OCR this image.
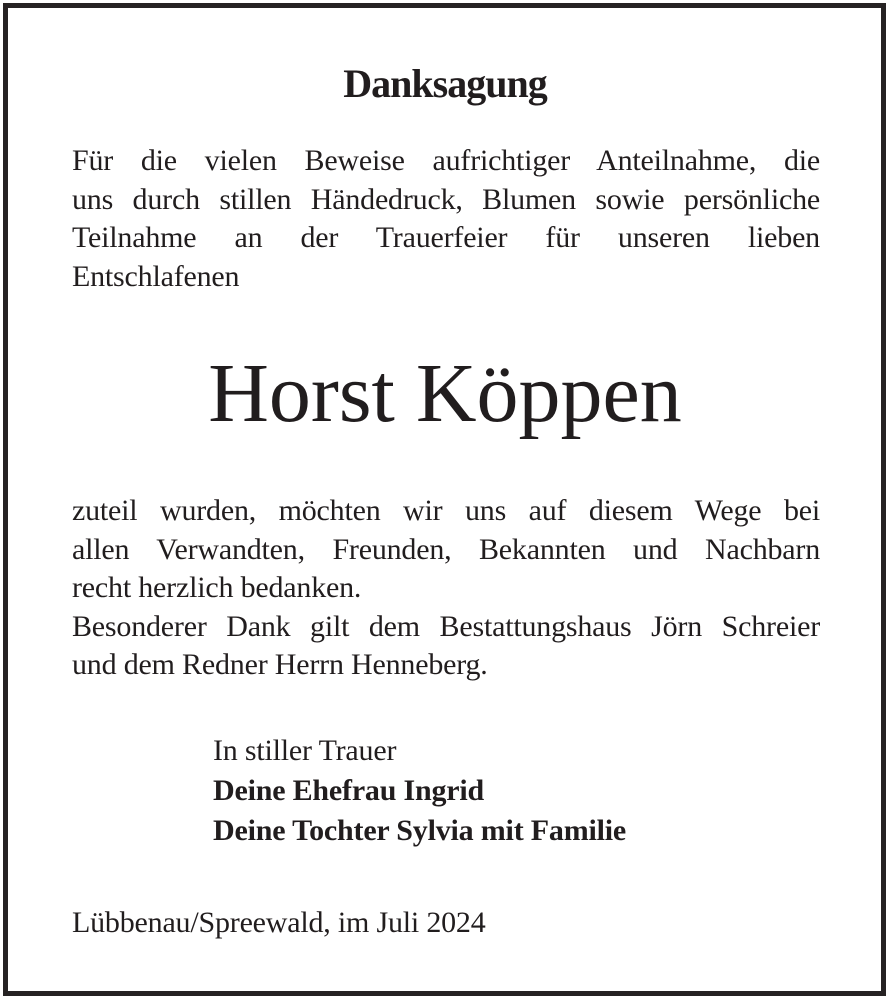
Danksagung
Für die vielen Beweise aufrichtiger Anteilnahme, die
uns durch stillen Händedruck, Blumen sowie persönliche
Teilnahme an der Trauerfeier für unseren lieben
Entschlafenen
Horst Köppen
zuteil wurden, möchten wir uns auf diesem Wege bei
allen Verwandten, Freunden, Bekannten und Nachbarn
recht herzlich bedanken.
Besonderer Dank gilt dem Bestattungshaus Jörn Schreier
und dem Redner Herrn Henneberg.
In stiller Trauer
Deine Ehefrau Ingrid
Deine Tochter Sylvia mit Familie
Lübbenau/Spreewald, im Juli 2024
